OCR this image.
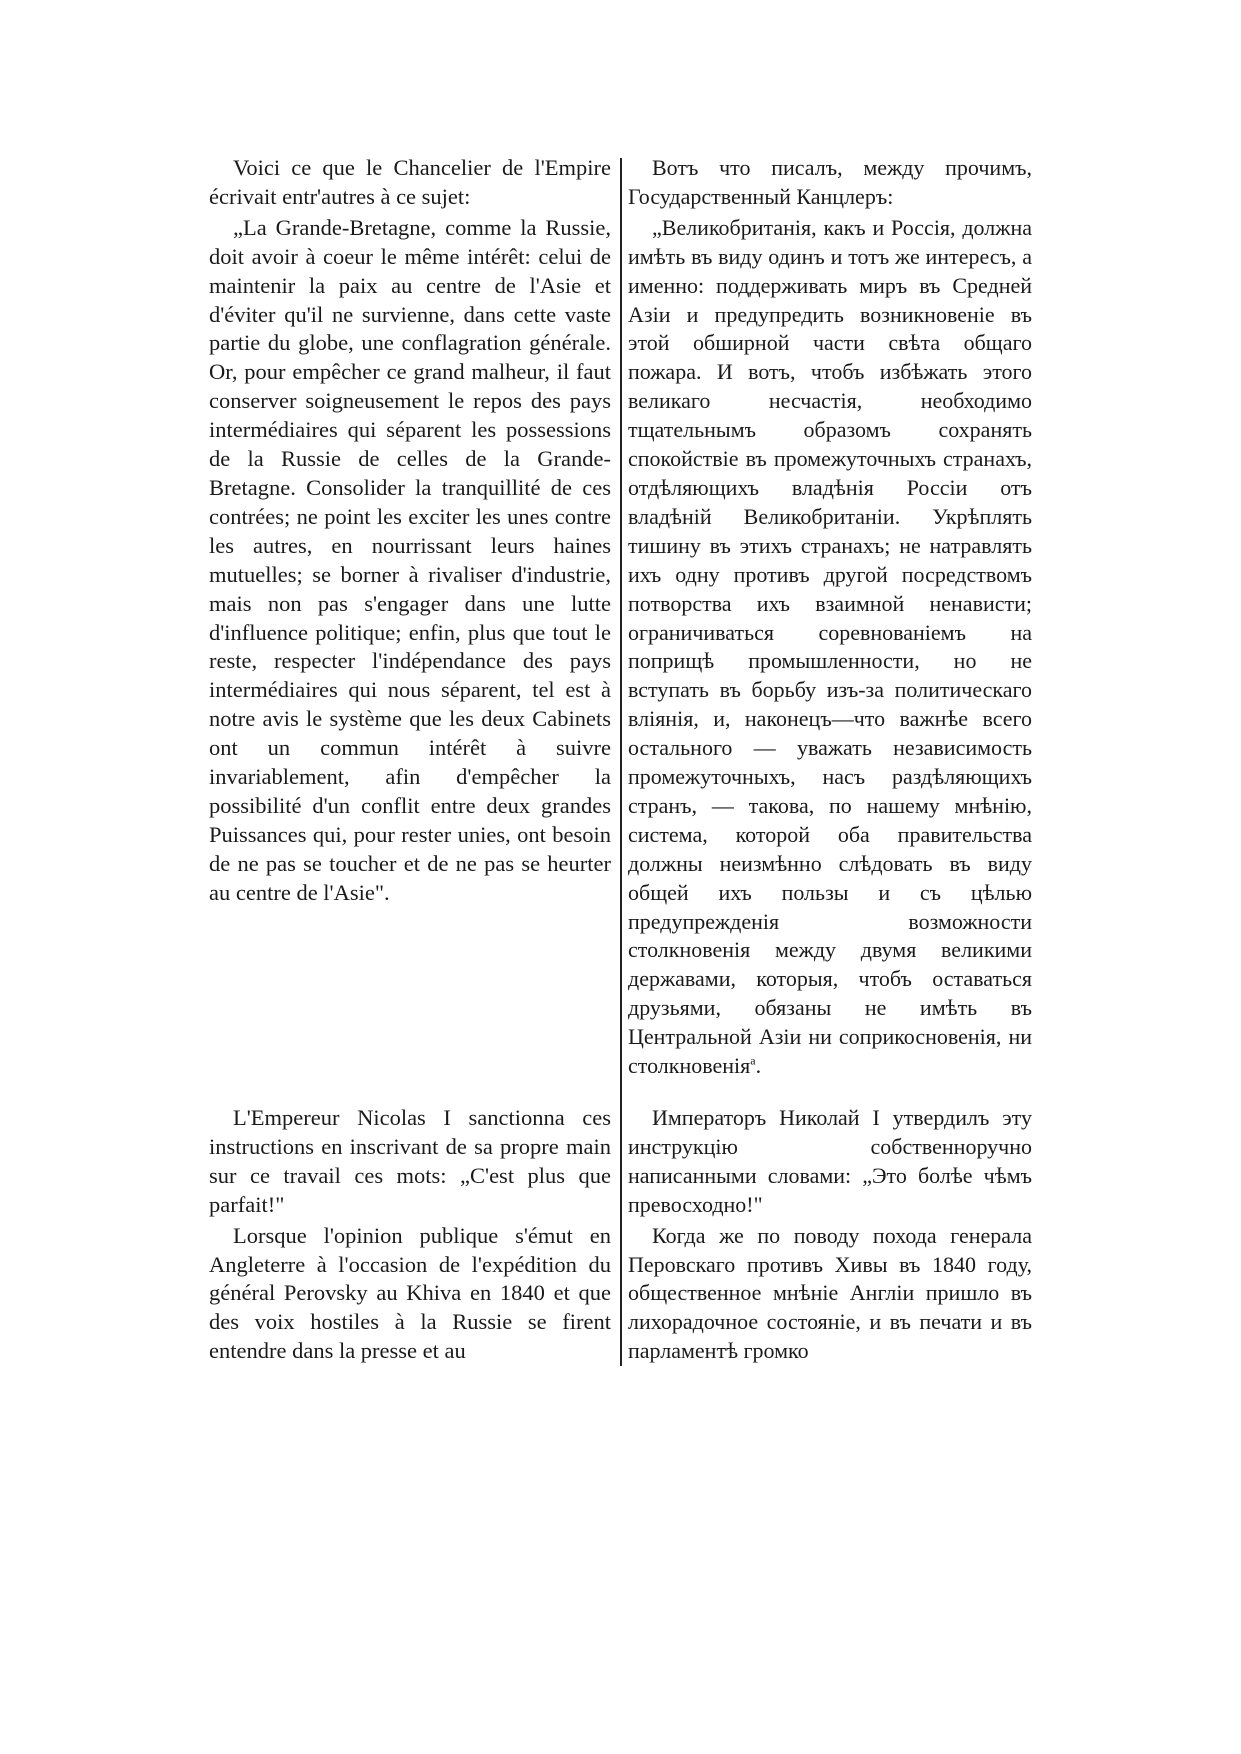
Voici ce que le Chancelier de l'Empire écrivait entr'autres à ce sujet:

„La Grande-Bretagne, comme la Russie, doit avoir à coeur le même intérêt: celui de maintenir la paix au centre de l'Asie et d'éviter qu'il ne survienne, dans cette vaste partie du globe, une conflagration générale. Or, pour empêcher ce grand malheur, il faut conserver soigneusement le repos des pays intermédiaires qui séparent les possessions de la Russie de celles de la Grande-Bretagne. Consolider la tranquillité de ces contrées; ne point les exciter les unes contre les autres, en nourrissant leurs haines mutuelles; se borner à rivaliser d'industrie, mais non pas s'engager dans une lutte d'influence politique; enfin, plus que tout le reste, respecter l'indépendance des pays intermédiaires qui nous séparent, tel est à notre avis le système que les deux Cabinets ont un commun intérêt à suivre invariablement, afin d'empêcher la possibilité d'un conflit entre deux grandes Puissances qui, pour rester unies, ont besoin de ne pas se toucher et de ne pas se heurter au centre de l'Asie".

L'Empereur Nicolas I sanctionna ces instructions en inscrivant de sa propre main sur ce travail ces mots: „C'est plus que parfait!"

Lorsque l'opinion publique s'émut en Angleterre à l'occasion de l'expédition du général Perovsky au Khiva en 1840 et que des voix hostiles à la Russie se firent entendre dans la presse et au

Вотъ что писалъ, между прочимъ, Государственный Канцлеръ:

„Великобританія, какъ и Россія, должна имѣть въ виду одинъ и тотъ же интересъ, а именно: поддерживать миръ въ Средней Азіи и предупредить возникновеніе въ этой обширной части свѣта общаго пожара. И вотъ, чтобъ избѣжать этого великаго несчастія, необходимо тщательнымъ образомъ сохранять спокойствіе въ промежуточныхъ странахъ, отдѣляющихъ владѣнія Россіи отъ владѣній Великобританіи. Укрѣплять тишину въ этихъ странахъ; не натравлять ихъ одну противъ другой посредствомъ потворства ихъ взаимной ненависти; ограничиваться соревнованіемъ на поприщѣ промышленности, но не вступать въ борьбу изъ-за политическаго вліянія, и, наконецъ—что важнѣе всего остального — уважать независимость промежуточныхъ, насъ раздѣляющихъ странъ, — такова, по нашему мнѣнію, система, которой оба правительства должны неизмѣнно слѣдовать въ виду общей ихъ пользы и съ цѣлью предупрежденія возможности столкновенія между двумя великими державами, которыя, чтобъ оставаться друзьями, обязаны не имѣть въ Центральной Азіи ни соприкосновенія, ни столкновенія$^a$.

Императоръ Николай I утвердилъ эту инструкцію собственноручно написанными словами: „Это болѣе чѣмъ превосходно!"

Когда же по поводу похода генерала Перовскаго противъ Хивы въ 1840 году, общественное мнѣніе Англіи пришло въ лихорадочное состояніе, и въ печати и въ парламентѣ громко
